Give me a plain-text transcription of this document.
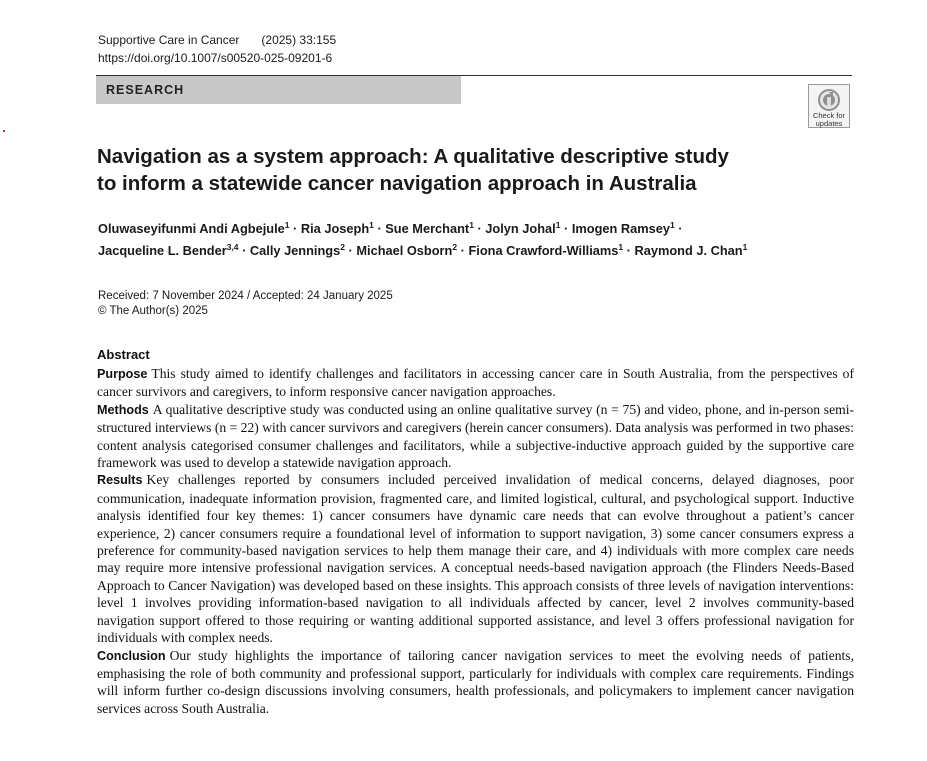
Supportive Care in Cancer (2025) 33:155
https://doi.org/10.1007/s00520-025-09201-6
RESEARCH
Check for
updates
Navigation as a system approach: A qualitative descriptive study
to inform a statewide cancer navigation approach in Australia
Oluwaseyifunmi Andi Agbejule$^1$ · Ria Joseph$^1$ · Sue Merchant$^1$ · Jolyn Johal$^1$ · Imogen Ramsey$^1$ ·
Jacqueline L. Bender$^{3,4}$ · Cally Jennings$^2$ · Michael Osborn$^2$ · Fiona Crawford-Williams$^1$ · Raymond J. Chan$^1$
Received: 7 November 2024 / Accepted: 24 January 2025
© The Author(s) 2025
Abstract

Purpose This study aimed to identify challenges and facilitators in accessing cancer care in South Australia, from the perspectives of cancer survivors and caregivers, to inform responsive cancer navigation approaches.

Methods A qualitative descriptive study was conducted using an online qualitative survey (n = 75) and video, phone, and in-person semi-structured interviews (n = 22) with cancer survivors and caregivers (herein cancer consumers). Data analysis was performed in two phases: content analysis categorised consumer challenges and facilitators, while a subjective-inductive approach guided by the supportive care framework was used to develop a statewide navigation approach.

Results Key challenges reported by consumers included perceived invalidation of medical concerns, delayed diagnoses, poor communication, inadequate information provision, fragmented care, and limited logistical, cultural, and psychological support. Inductive analysis identified four key themes: 1) cancer consumers have dynamic care needs that can evolve throughout a patient’s cancer experience, 2) cancer consumers require a foundational level of information to support navigation, 3) some cancer consumers express a preference for community-based navigation services to help them manage their care, and 4) individuals with more complex care needs may require more intensive professional navigation services. A conceptual needs-based navigation approach (the Flinders Needs-Based Approach to Cancer Navigation) was developed based on these insights. This approach consists of three levels of navigation interventions: level 1 involves providing information-based navigation to all individuals affected by cancer, level 2 involves community-based navigation support offered to those requiring or wanting additional supported assistance, and level 3 offers professional navigation for individuals with complex needs.

Conclusion Our study highlights the importance of tailoring cancer navigation services to meet the evolving needs of patients, emphasising the role of both community and professional support, particularly for individuals with complex care requirements. Findings will inform further co-design discussions involving consumers, health professionals, and policymakers to implement cancer navigation services across South Australia.
